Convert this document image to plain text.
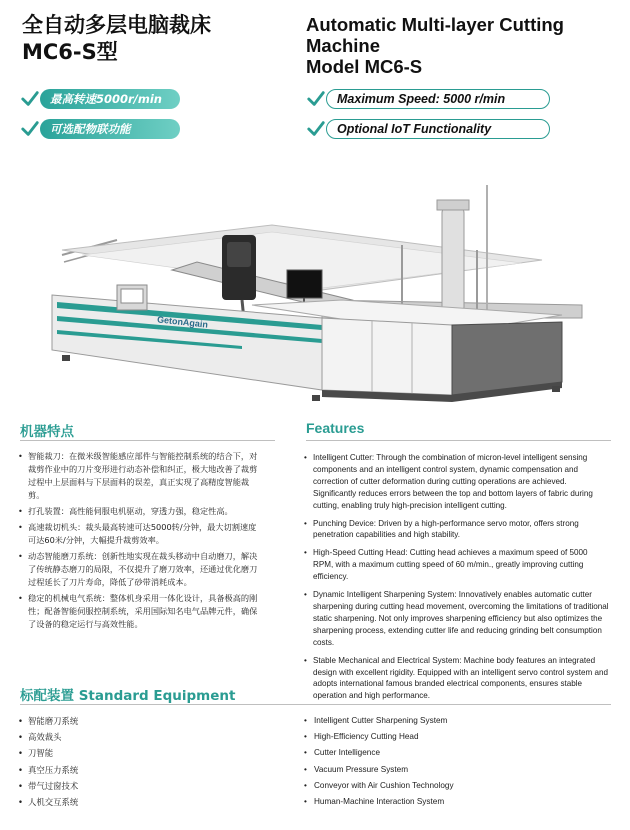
全自动多层电脑裁床
MC6-S型
Automatic Multi-layer Cutting
Machine
Model MC6-S
最高转速5000r/min
可选配物联功能
Maximum Speed: 5000 r/min
Optional IoT Functionality
GetonAgain
机器特点
• 智能裁刀：在微米级智能感应部件与智能控制系统的结合下，对裁剪作业中的刀片变形进行动态补偿和纠正，极大地改善了裁剪过程中上层面料与下层面料的误差，真正实现了高精度智能裁剪。
• 打孔装置：高性能伺服电机驱动，穿透力强，稳定性高。
• 高速裁切机头：裁头最高转速可达5000转/分钟，最大切割速度可达60米/分钟，大幅提升裁剪效率。
• 动态智能磨刀系统：创新性地实现在裁头移动中自动磨刀，解决了传统静态磨刀的局限，不仅提升了磨刀效率，还通过优化磨刀过程延长了刀片寿命，降低了砂带消耗成本。
• 稳定的机械电气系统：整体机身采用一体化设计，具备极高的刚性；配备智能伺服控制系统，采用国际知名电气品牌元件，确保了设备的稳定运行与高效性能。
Features
• Intelligent Cutter: Through the combination of micron-level intelligent sensing components and an intelligent control system, dynamic compensation and correction of cutter deformation during cutting operations are achieved. Significantly reduces errors between the top and bottom layers of fabric during cutting, enabling truly high-precision intelligent cutting.
• Punching Device: Driven by a high-performance servo motor, offers strong penetration capabilities and high stability.
• High-Speed Cutting Head: Cutting head achieves a maximum speed of 5000 RPM, with a maximum cutting speed of 60 m/min., greatly improving cutting efficiency.
• Dynamic Intelligent Sharpening System: Innovatively enables automatic cutter sharpening during cutting head movement, overcoming the limitations of traditional static sharpening. Not only improves sharpening efficiency but also optimizes the sharpening process, extending cutter life and reducing grinding belt consumption costs.
• Stable Mechanical and Electrical System: Machine body features an integrated design with excellent rigidity. Equipped with an intelligent servo control system and adopts international famous branded electrical components, ensures stable operation and high performance.
标配装置 Standard Equipment
• 智能磨刀系统
• 高效裁头
• 刀智能
• 真空压力系统
• 带气过窗技术
• 人机交互系统
• Intelligent Cutter Sharpening System
• High-Efficiency Cutting Head
• Cutter Intelligence
• Vacuum Pressure System
• Conveyor with Air Cushion Technology
• Human-Machine Interaction System
